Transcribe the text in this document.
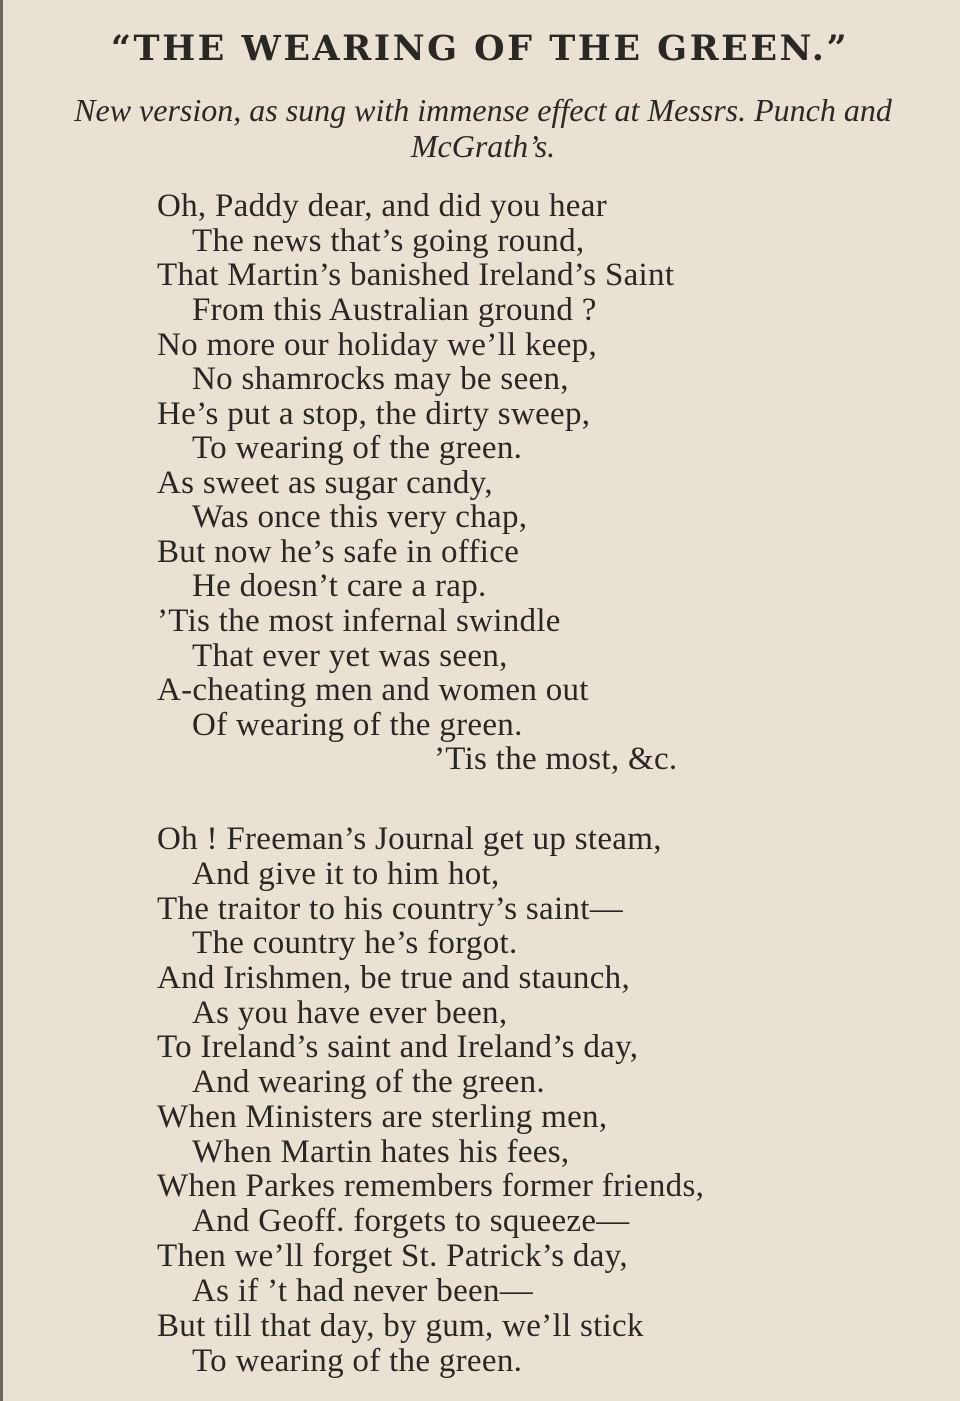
“THE WEARING OF THE GREEN.”

New version, as sung with immense effect at Messrs. Punch and McGrath’s.

Oh, Paddy dear, and did you hear
The news that’s going round,
That Martin’s banished Ireland’s Saint
From this Australian ground ?
No more our holiday we’ll keep,
No shamrocks may be seen,
He’s put a stop, the dirty sweep,
To wearing of the green.
As sweet as sugar candy,
Was once this very chap,
But now he’s safe in office
He doesn’t care a rap.
’Tis the most infernal swindle
That ever yet was seen,
A-cheating men and women out
Of wearing of the green.
’Tis the most, &c.
Oh ! Freeman’s Journal get up steam,
And give it to him hot,
The traitor to his country’s saint—
The country he’s forgot.
And Irishmen, be true and staunch,
As you have ever been,
To Ireland’s saint and Ireland’s day,
And wearing of the green.
When Ministers are sterling men,
When Martin hates his fees,
When Parkes remembers former friends,
And Geoff. forgets to squeeze—
Then we’ll forget St. Patrick’s day,
As if ’t had never been—
But till that day, by gum, we’ll stick
To wearing of the green.
